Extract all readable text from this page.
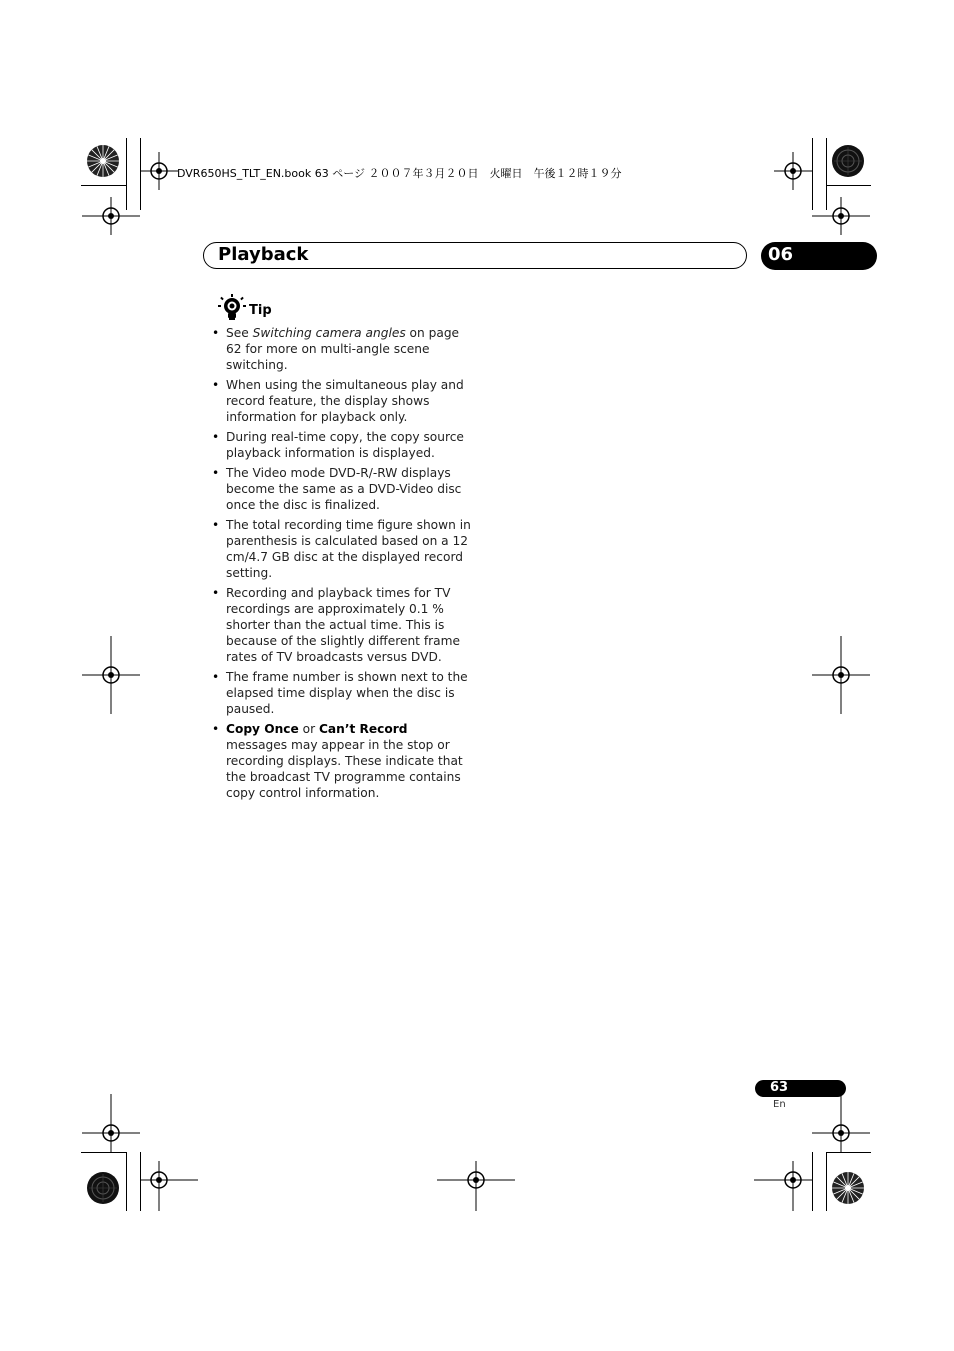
DVR650HS_TLT_EN.book 63 ページ ２００７年３月２０日　火曜日　午後１２時１９分
Playback	06
Tip
• See Switching camera angles on page 62 for more on multi-angle scene switching.
• When using the simultaneous play and record feature, the display shows information for playback only.
• During real-time copy, the copy source playback information is displayed.
• The Video mode DVD-R/-RW displays become the same as a DVD-Video disc once the disc is finalized.
• The total recording time figure shown in parenthesis is calculated based on a 12 cm/4.7 GB disc at the displayed record setting.
• Recording and playback times for TV recordings are approximately 0.1 % shorter than the actual time. This is because of the slightly different frame rates of TV broadcasts versus DVD.
• The frame number is shown next to the elapsed time display when the disc is paused.
• Copy Once or Can’t Record messages may appear in the stop or recording displays. These indicate that the broadcast TV programme contains copy control information.
63
En
